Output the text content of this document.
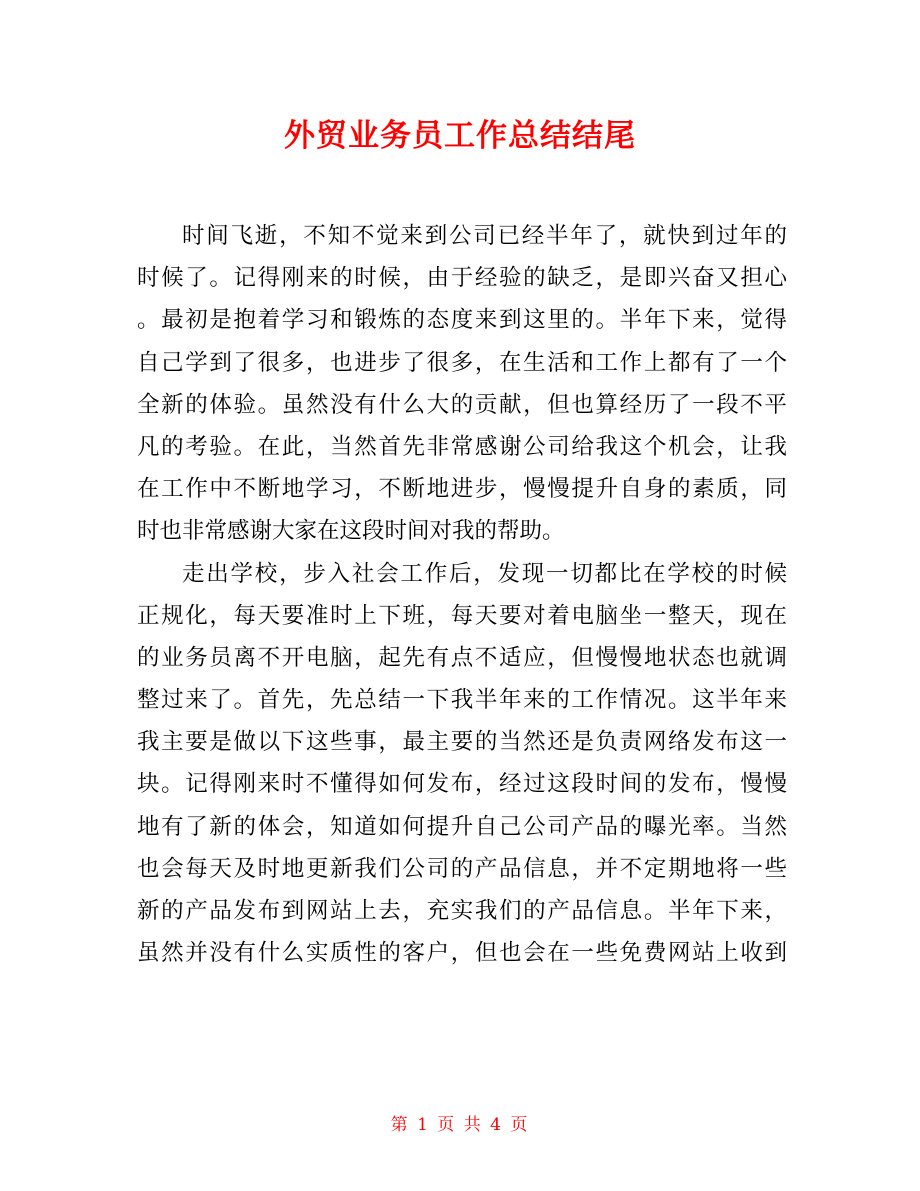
外贸业务员工作总结结尾
时间飞逝，不知不觉来到公司已经半年了，就快到过年的
时候了。记得刚来的时候，由于经验的缺乏，是即兴奋又担心
。最初是抱着学习和锻炼的态度来到这里的。半年下来，觉得
自己学到了很多，也进步了很多，在生活和工作上都有了一个
全新的体验。虽然没有什么大的贡献，但也算经历了一段不平
凡的考验。在此，当然首先非常感谢公司给我这个机会，让我
在工作中不断地学习，不断地进步，慢慢提升自身的素质，同
时也非常感谢大家在这段时间对我的帮助。
走出学校，步入社会工作后，发现一切都比在学校的时候
正规化，每天要准时上下班，每天要对着电脑坐一整天，现在
的业务员离不开电脑，起先有点不适应，但慢慢地状态也就调
整过来了。首先，先总结一下我半年来的工作情况。这半年来
我主要是做以下这些事，最主要的当然还是负责网络发布这一
块。记得刚来时不懂得如何发布，经过这段时间的发布，慢慢
地有了新的体会，知道如何提升自己公司产品的曝光率。当然
也会每天及时地更新我们公司的产品信息，并不定期地将一些
新的产品发布到网站上去，充实我们的产品信息。半年下来，
虽然并没有什么实质性的客户，但也会在一些免费网站上收到
第 1 页 共 4 页
